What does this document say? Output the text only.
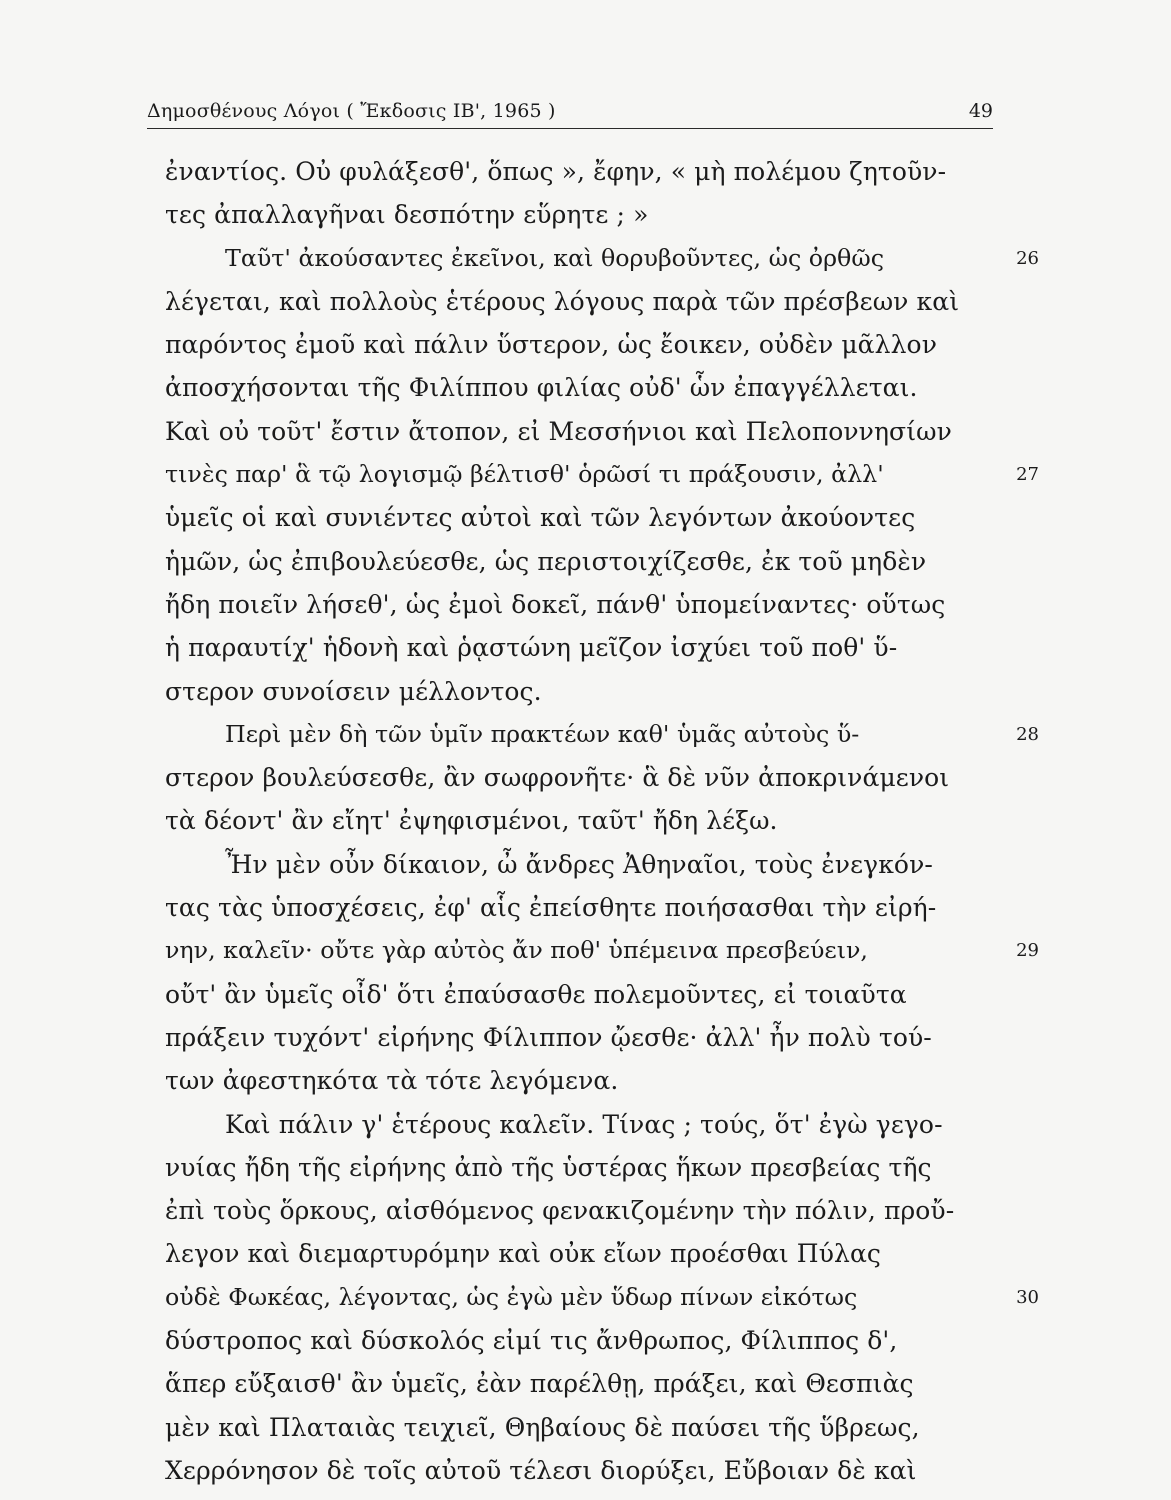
Δημοσθένους Λόγοι ( Ἔκδοσις ΙΒ', 1965 )	49
ἐναντίος. Οὐ φυλάξεσθ', ὅπως », ἔφην, « μὴ πολέμου ζητοῦν-
τες ἀπαλλαγῆναι δεσπότην εὕρητε ; »
Ταῦτ' ἀκούσαντες ἐκεῖνοι, καὶ θορυβοῦντες, ὡς ὀρθῶς	26
λέγεται, καὶ πολλοὺς ἑτέρους λόγους παρὰ τῶν πρέσβεων καὶ
παρόντος ἐμοῦ καὶ πάλιν ὕστερον, ὡς ἔοικεν, οὐδὲν μᾶλλον
ἀποσχήσονται τῆς Φιλίππου φιλίας οὐδ' ὧν ἐπαγγέλλεται.
Καὶ οὐ τοῦτ' ἔστιν ἄτοπον, εἰ Μεσσήνιοι καὶ Πελοποννησίων
τινὲς παρ' ἃ τῷ λογισμῷ βέλτισθ' ὁρῶσί τι πράξουσιν, ἀλλ'	27
ὑμεῖς οἱ καὶ συνιέντες αὐτοὶ καὶ τῶν λεγόντων ἀκούοντες
ἡμῶν, ὡς ἐπιβουλεύεσθε, ὡς περιστοιχίζεσθε, ἐκ τοῦ μηδὲν
ἤδη ποιεῖν λήσεθ', ὡς ἐμοὶ δοκεῖ, πάνθ' ὑπομείναντες· οὕτως
ἡ παραυτίχ' ἡδονὴ καὶ ῥᾳστώνη μεῖζον ἰσχύει τοῦ ποθ' ὕ-
στερον συνοίσειν μέλλοντος.
Περὶ μὲν δὴ τῶν ὑμῖν πρακτέων καθ' ὑμᾶς αὐτοὺς ὕ-	28
στερον βουλεύσεσθε, ἂν σωφρονῆτε· ἃ δὲ νῦν ἀποκρινάμενοι
τὰ δέοντ' ἂν εἴητ' ἐψηφισμένοι, ταῦτ' ἤδη λέξω.
Ἦν μὲν οὖν δίκαιον, ὦ ἄνδρες Ἀθηναῖοι, τοὺς ἐνεγκόν-
τας τὰς ὑποσχέσεις, ἐφ' αἷς ἐπείσθητε ποιήσασθαι τὴν εἰρή-
νην, καλεῖν· οὔτε γὰρ αὐτὸς ἄν ποθ' ὑπέμεινα πρεσβεύειν,	29
οὔτ' ἂν ὑμεῖς οἶδ' ὅτι ἐπαύσασθε πολεμοῦντες, εἰ τοιαῦτα
πράξειν τυχόντ' εἰρήνης Φίλιππον ᾤεσθε· ἀλλ' ἦν πολὺ τού-
των ἀφεστηκότα τὰ τότε λεγόμενα.
Καὶ πάλιν γ' ἑτέρους καλεῖν. Τίνας ; τούς, ὅτ' ἐγὼ γεγο-
νυίας ἤδη τῆς εἰρήνης ἀπὸ τῆς ὑστέρας ἥκων πρεσβείας τῆς
ἐπὶ τοὺς ὅρκους, αἰσθόμενος φενακιζομένην τὴν πόλιν, προὔ-
λεγον καὶ διεμαρτυρόμην καὶ οὐκ εἴων προέσθαι Πύλας
οὐδὲ Φωκέας, λέγοντας, ὡς ἐγὼ μὲν ὕδωρ πίνων εἰκότως	30
δύστροπος καὶ δύσκολός εἰμί τις ἄνθρωπος, Φίλιππος δ',
ἅπερ εὔξαισθ' ἂν ὑμεῖς, ἐὰν παρέλθῃ, πράξει, καὶ Θεσπιὰς
μὲν καὶ Πλαταιὰς τειχιεῖ, Θηβαίους δὲ παύσει τῆς ὕβρεως,
Χερρόνησον δὲ τοῖς αὐτοῦ τέλεσι διορύξει, Εὔβοιαν δὲ καὶ
